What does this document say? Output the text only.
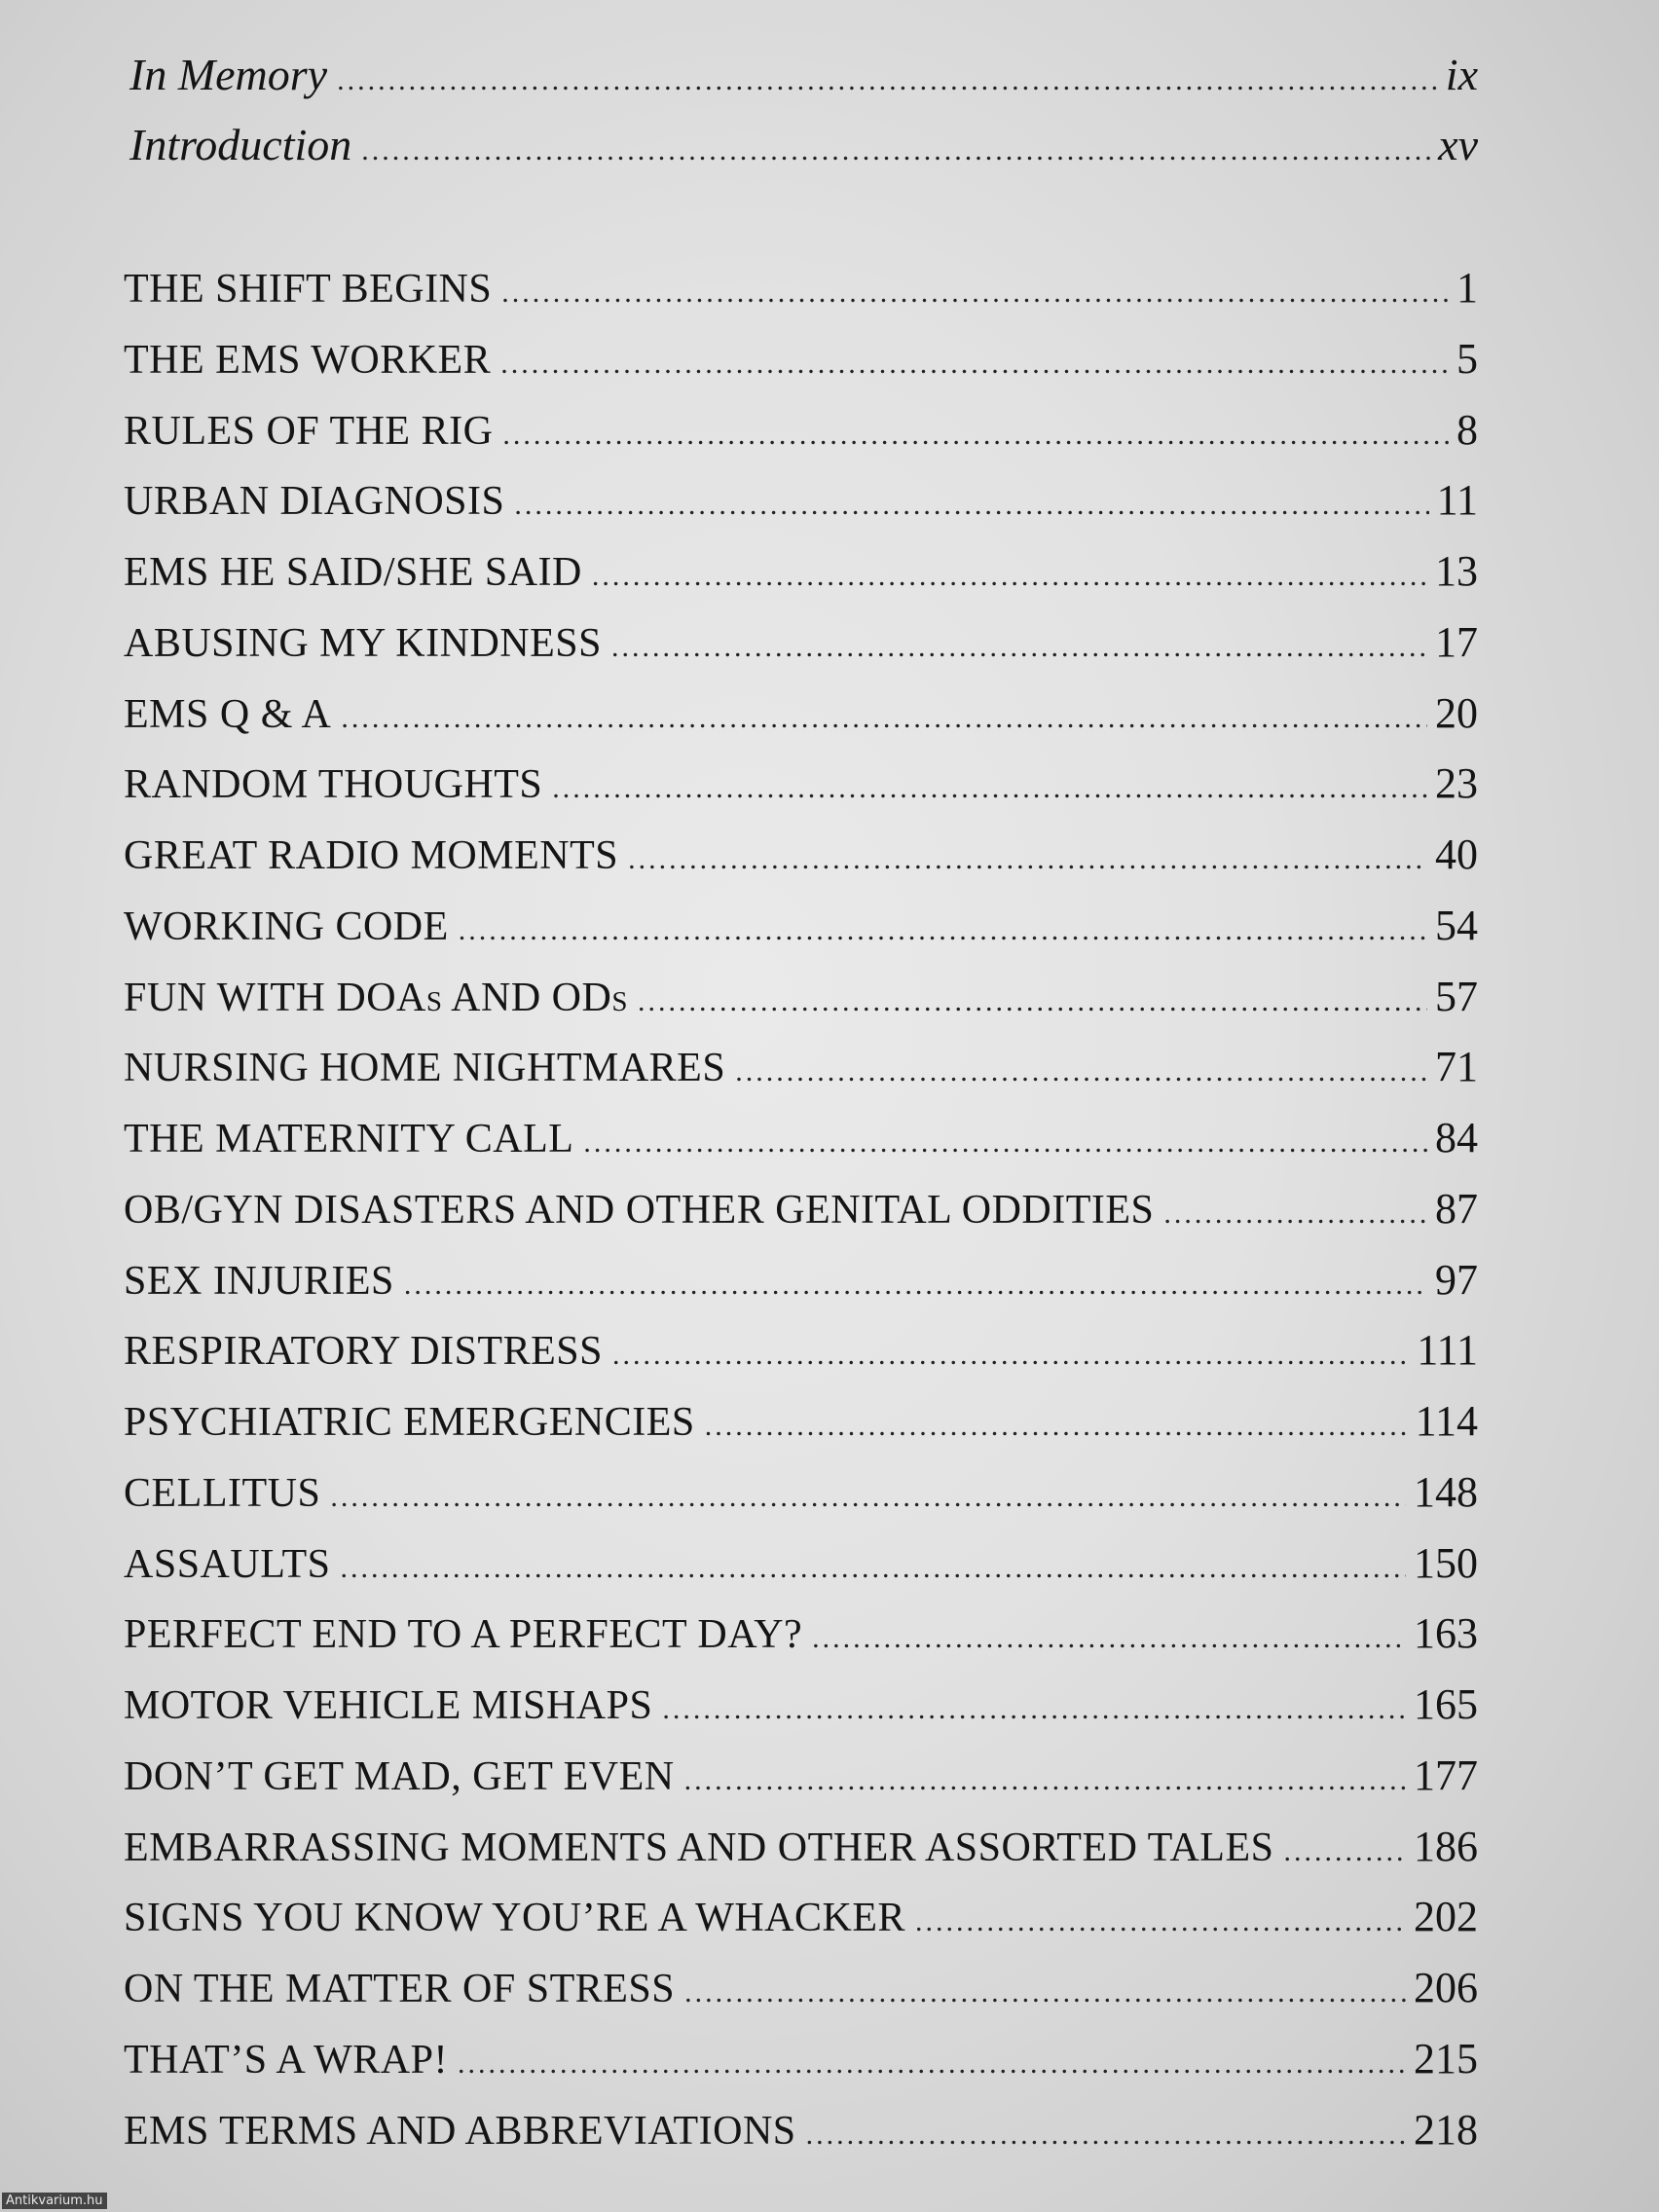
In Memory .....	ix
Introduction .....	xv
THE SHIFT BEGINS .....	1
THE EMS WORKER .....	5
RULES OF THE RIG .....	8
URBAN DIAGNOSIS .....	11
EMS HE SAID/SHE SAID .....	13
ABUSING MY KINDNESS .....	17
EMS Q & A .....	20
RANDOM THOUGHTS .....	23
GREAT RADIO MOMENTS .....	40
WORKING CODE .....	54
FUN WITH DOAs AND ODs .....	57
NURSING HOME NIGHTMARES .....	71
THE MATERNITY CALL .....	84
OB/GYN DISASTERS AND OTHER GENITAL ODDITIES .....	87
SEX INJURIES .....	97
RESPIRATORY DISTRESS .....	111
PSYCHIATRIC EMERGENCIES .....	114
CELLITUS .....	148
ASSAULTS .....	150
PERFECT END TO A PERFECT DAY? .....	163
MOTOR VEHICLE MISHAPS .....	165
DON’T GET MAD, GET EVEN .....	177
EMBARRASSING MOMENTS AND OTHER ASSORTED TALES .....	186
SIGNS YOU KNOW YOU’RE A WHACKER .....	202
ON THE MATTER OF STRESS .....	206
THAT’S A WRAP! .....	215
EMS TERMS AND ABBREVIATIONS .....	218
Antikvarium.hu
